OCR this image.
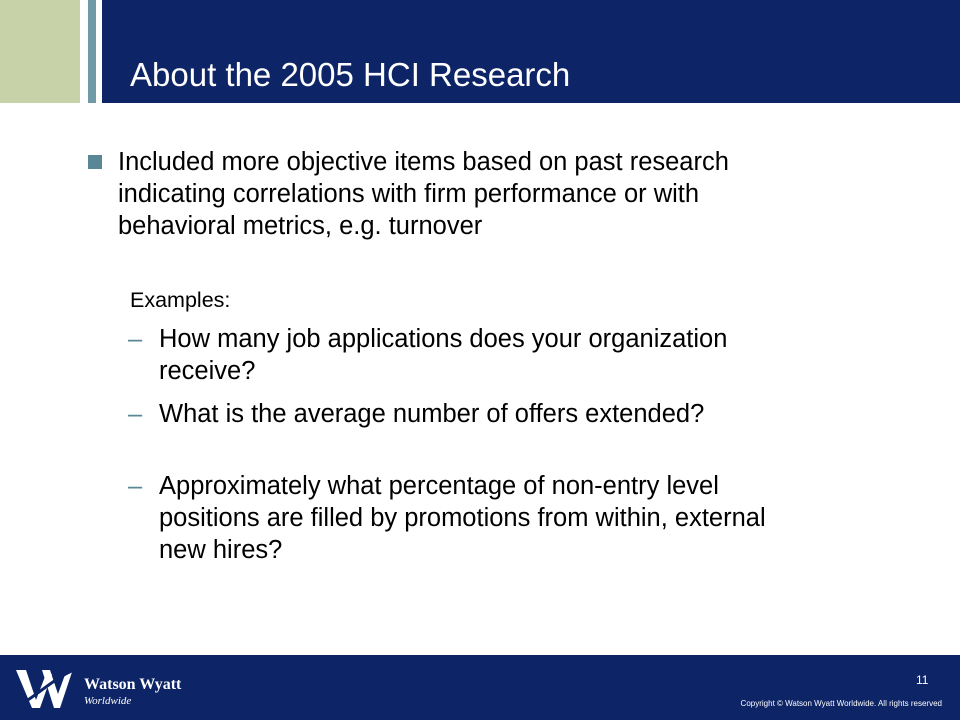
About the 2005 HCI Research
Included more objective items based on past research indicating correlations with firm performance or with behavioral metrics, e.g. turnover
Examples:
– How many job applications does your organization receive?
– What is the average number of offers extended?
– Approximately what percentage of non-entry level positions are filled by promotions from within, external new hires?
Watson Wyatt
Worldwide
11
Copyright © Watson Wyatt Worldwide. All rights reserved
